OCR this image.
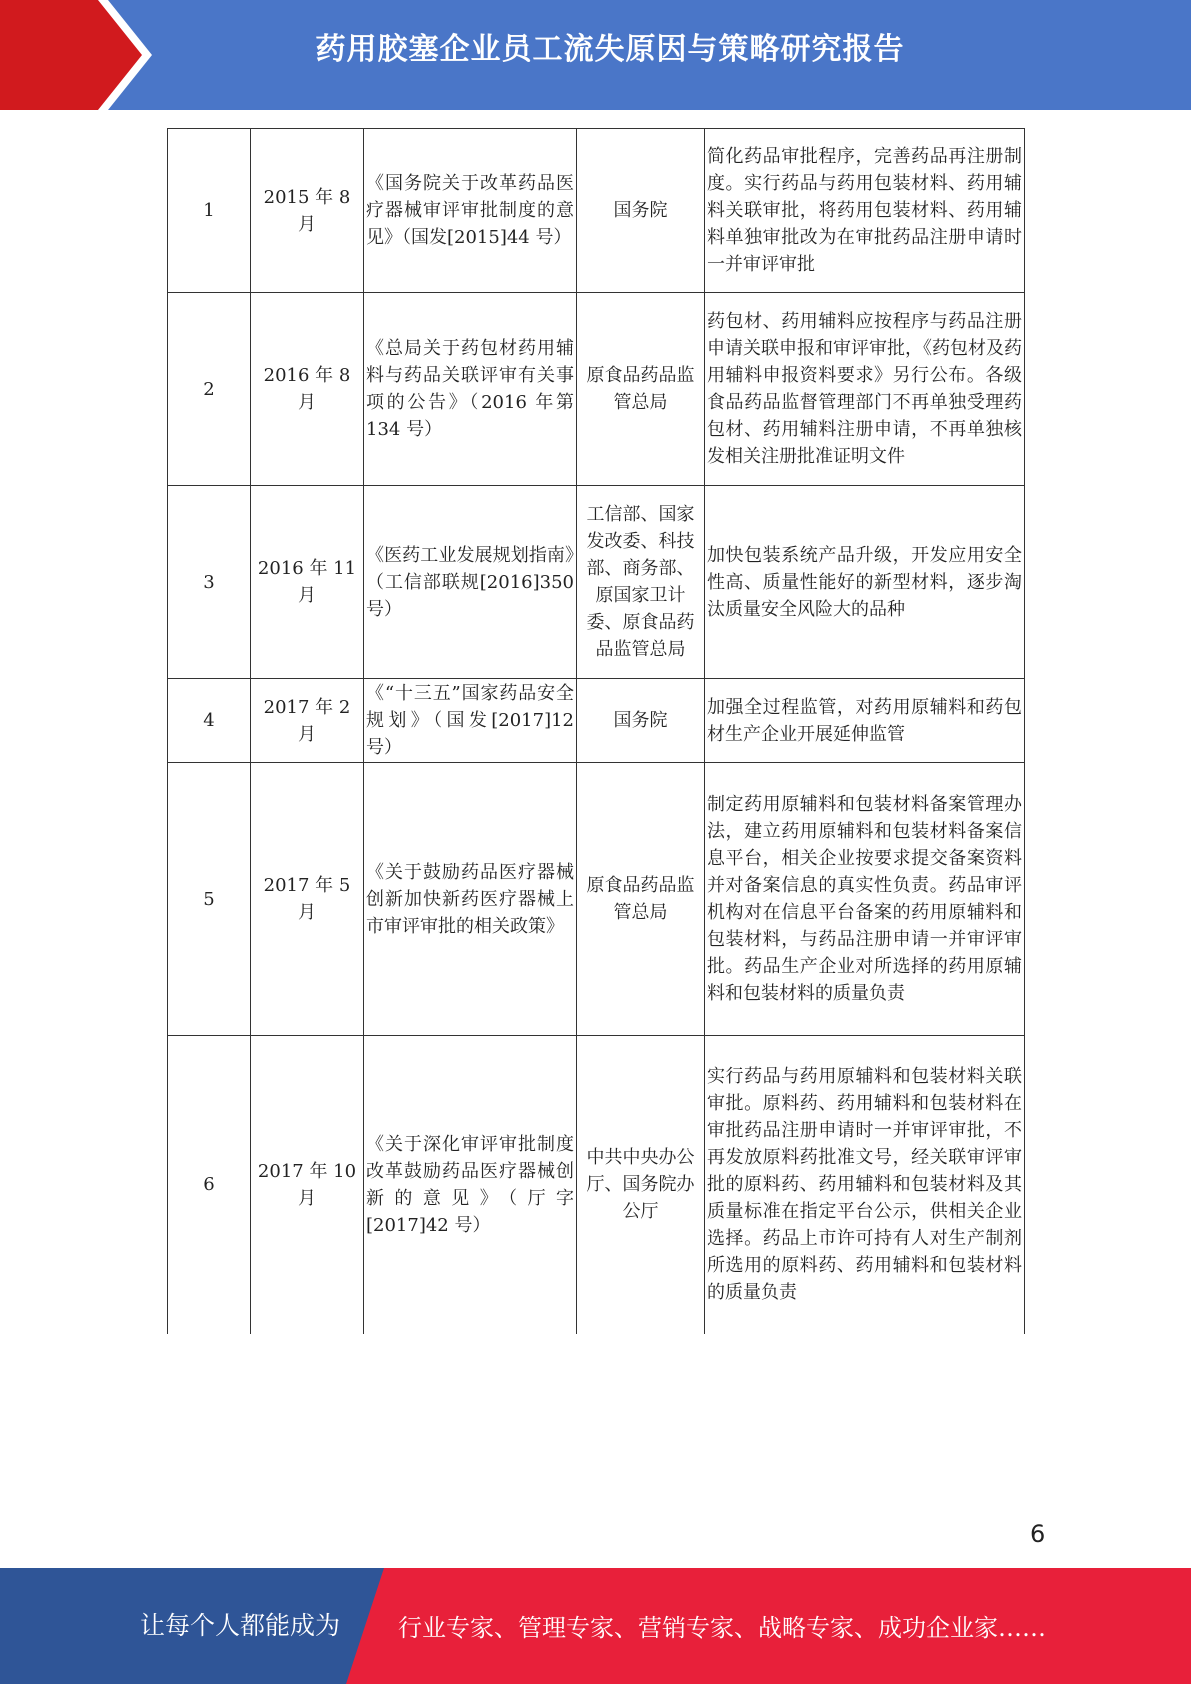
药用胶塞企业员工流失原因与策略研究报告
1	2015 年 8 月	《国务院关于改革药品医疗器械审评审批制度的意见》（国发[2015]44 号）	国务院	简化药品审批程序，完善药品再注册制度。实行药品与药用包装材料、药用辅料关联审批，将药用包装材料、药用辅料单独审批改为在审批药品注册申请时一并审评审批
2	2016 年 8 月	《总局关于药包材药用辅料与药品关联评审有关事项的公告》（2016 年第 134 号）	原食品药品监管总局	药包材、药用辅料应按程序与药品注册申请关联申报和审评审批，《药包材及药用辅料申报资料要求》另行公布。各级食品药品监督管理部门不再单独受理药包材、药用辅料注册申请，不再单独核发相关注册批准证明文件
3	2016 年 11 月	《医药工业发展规划指南》（工信部联规[2016]350 号）	工信部、国家发改委、科技部、商务部、原国家卫计委、原食品药品监管总局	加快包装系统产品升级，开发应用安全性高、质量性能好的新型材料，逐步淘汰质量安全风险大的品种
4	2017 年 2 月	《“十三五”国家药品安全规划》（国发[2017]12 号）	国务院	加强全过程监管，对药用原辅料和药包材生产企业开展延伸监管
5	2017 年 5 月	《关于鼓励药品医疗器械创新加快新药医疗器械上市审评审批的相关政策》	原食品药品监管总局	制定药用原辅料和包装材料备案管理办法，建立药用原辅料和包装材料备案信息平台，相关企业按要求提交备案资料并对备案信息的真实性负责。药品审评机构对在信息平台备案的药用原辅料和包装材料，与药品注册申请一并审评审批。药品生产企业对所选择的药用原辅料和包装材料的质量负责
6	2017 年 10 月	《关于深化审评审批制度改革鼓励药品医疗器械创新的意见》（厅字[2017]42 号）	中共中央办公厅、国务院办公厅	实行药品与药用原辅料和包装材料关联审批。原料药、药用辅料和包装材料在审批药品注册申请时一并审评审批，不再发放原料药批准文号，经关联审评审批的原料药、药用辅料和包装材料及其质量标准在指定平台公示，供相关企业选择。药品上市许可持有人对生产制剂所选用的原料药、药用辅料和包装材料的质量负责
6
让每个人都能成为 行业专家、管理专家、营销专家、战略专家、成功企业家……
